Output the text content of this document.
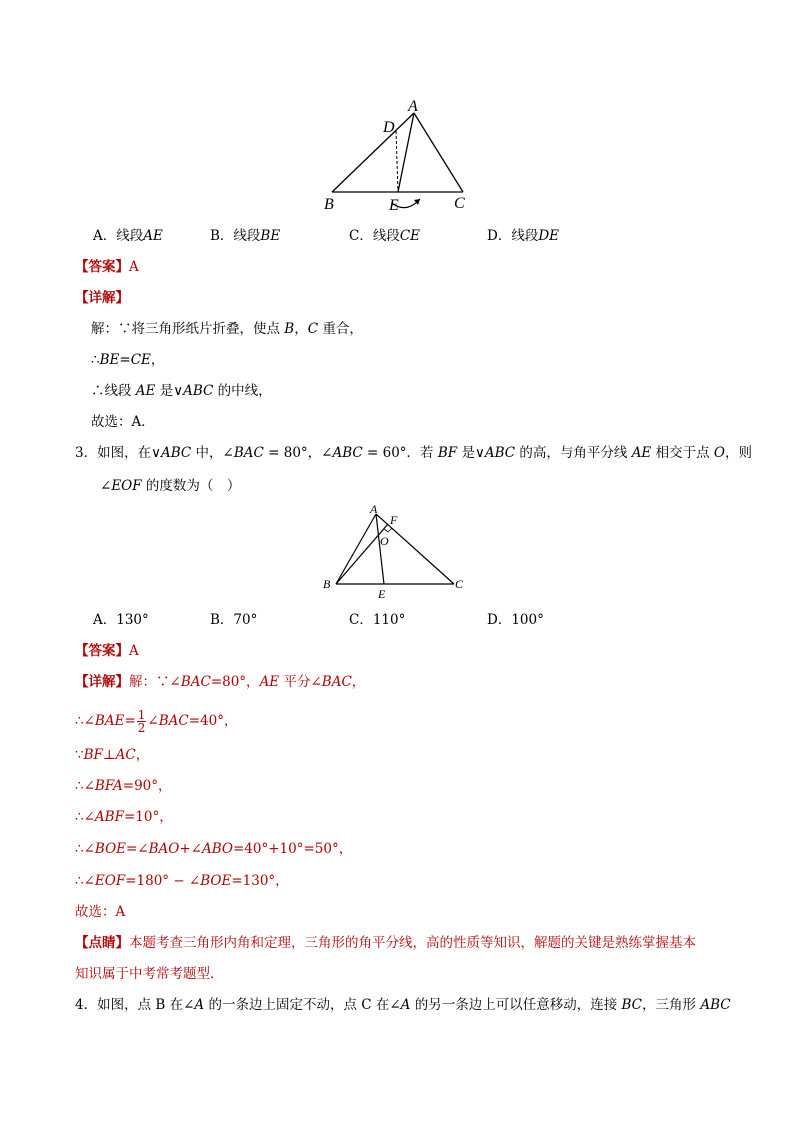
A
D
B	E	C
A．线段AE	B．线段BE	C．线段CE	D．线段DE
【答案】A
【详解】
解：∵将三角形纸片折叠，使点 B，C 重合，
∴BE=CE，
∴线段 AE 是∨ABC 的中线，
故选：A．
3．如图，在∨ABC 中，∠BAC = 80°，∠ABC = 60°．若 BF 是∨ABC 的高，与角平分线 AE 相交于点 O，则
∠EOF 的度数为（　）
A
F
O
B
E
C
A．130°	B．70°	C．110°	D．100°
【答案】A
【详解】解：∵∠BAC=80°，AE 平分∠BAC，
∴∠BAE= $\frac{1}{2}$ ∠BAC=40°，
∵BF⊥AC，
∴∠BFA=90°，
∴∠ABF=10°，
∴∠BOE=∠BAO+∠ABO=40°+10°=50°，
∴∠EOF=180° − ∠BOE=130°，
故选：A
【点睛】本题考查三角形内角和定理，三角形的角平分线，高的性质等知识，解题的关键是熟练掌握基本
知识属于中考常考题型．
4．如图，点 B 在∠A 的一条边上固定不动，点 C 在∠A 的另一条边上可以任意移动，连接 BC，三角形 ABC
